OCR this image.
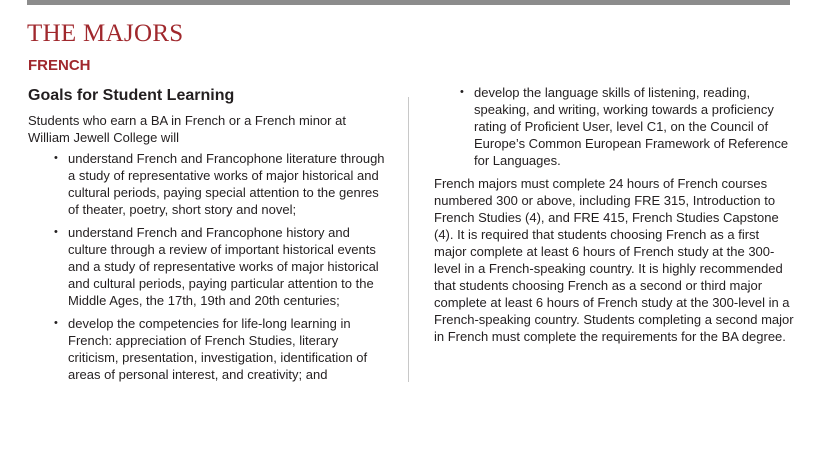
THE MAJORS
FRENCH
Goals for Student Learning

Students who earn a BA in French or a French minor at William Jewell College will

• understand French and Francophone literature through a study of representative works of major historical and cultural periods, paying special attention to the genres of theater, poetry, short story and novel;
• understand French and Francophone history and culture through a review of important historical events and a study of representative works of major historical and cultural periods, paying particular attention to the Middle Ages, the 17th, 19th and 20th centuries;
• develop the competencies for life-long learning in French: appreciation of French Studies, literary criticism, presentation, investigation, identification of areas of personal interest, and creativity; and
• develop the language skills of listening, reading, speaking, and writing, working towards a proficiency rating of Proficient User, level C1, on the Council of Europe’s Common European Framework of Reference for Languages.

French majors must complete 24 hours of French courses numbered 300 or above, including FRE 315, Introduction to French Studies (4), and FRE 415, French Studies Capstone (4). It is required that students choosing French as a first major complete at least 6 hours of French study at the 300-level in a French-speaking country. It is highly recommended that students choosing French as a second or third major complete at least 6 hours of French study at the 300-level in a French-speaking country. Students completing a second major in French must complete the requirements for the BA degree.
